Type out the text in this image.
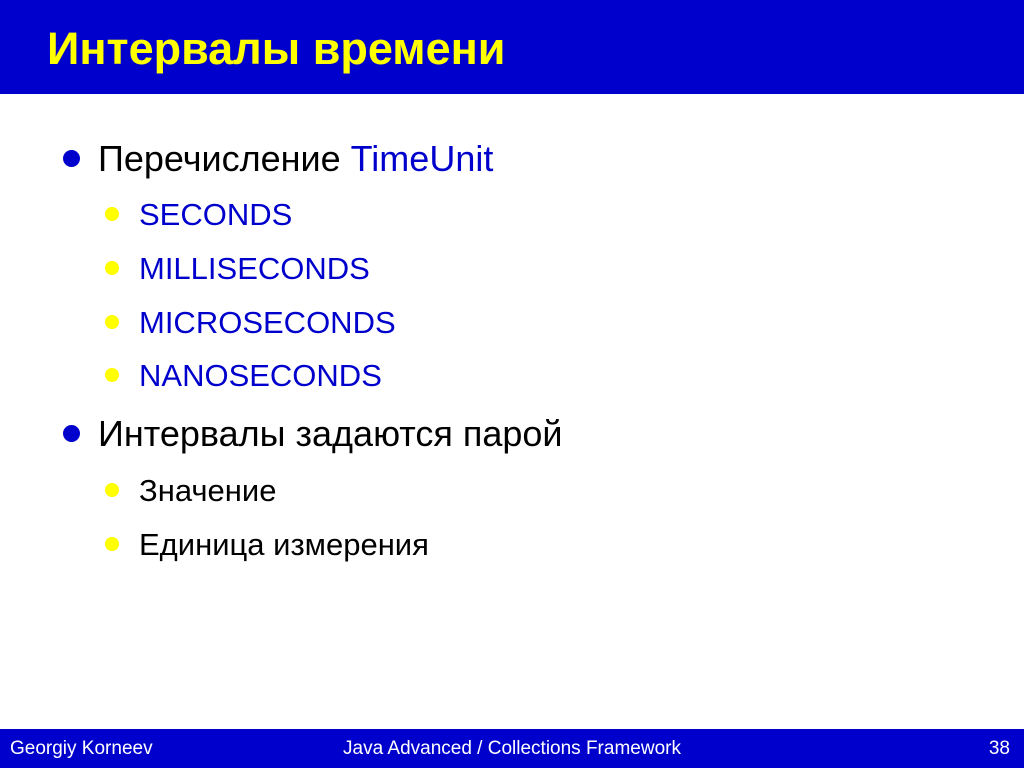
Интервалы времени
Перечисление TimeUnit
SECONDS
MILLISECONDS
MICROSECONDS
NANOSECONDS
Интервалы задаются парой
Значение
Единица измерения
Georgiy Korneev	Java Advanced / Collections Framework	38
